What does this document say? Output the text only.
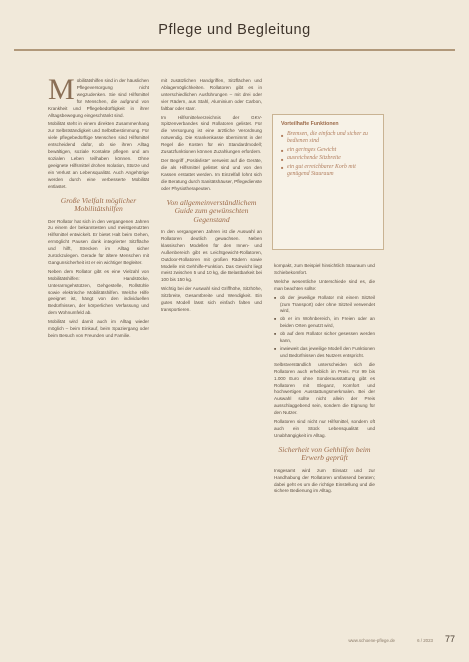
Pflege und Begleitung

Mobilitätshilfen sind in der häuslichen Pflegeversorgung nicht wegzudenken. Sie sind Hilfsmittel für Menschen, die aufgrund von Krankheit und Pflegebedürftigkeit in ihrer Alltagsbewegung eingeschränkt sind.

Mobilität steht in einem direkten Zusammenhang zur Selbstständigkeit und Selbstbestimmung. Für viele pflegebedürftige Menschen sind Hilfsmittel entscheidend dafür, ob sie ihren Alltag bewältigen, soziale Kontakte pflegen und am sozialen Leben teilhaben können. Ohne geeignete Hilfsmittel drohen Isolation, Stürze und ein Verlust an Lebensqualität. Auch Angehörige werden durch eine verbesserte Mobilität entlastet.

Große Vielfalt möglicher Mobilitätshilfen

Der Rollator hat sich in den vergangenen Jahren zu einem der bekanntesten und meistgenutzten Hilfsmittel entwickelt. Er bietet Halt beim Gehen, ermöglicht Pausen dank integrierter Sitzfläche und hilft, Strecken im Alltag sicher zurückzulegen. Gerade für ältere Menschen mit Gangunsicherheit ist er ein wichtiger Begleiter.

Neben dem Rollator gibt es eine Vielzahl von Mobilitätshilfen: Handstöcke, Unterarmgehstützen, Gehgestelle, Rollstühle sowie elektrische Mobilitätshilfen. Welche Hilfe geeignet ist, hängt von den individuellen Bedürfnissen, der körperlichen Verfassung und dem Wohnumfeld ab.

Mobilität wird damit auch im Alltag wieder möglich – beim Einkauf, beim Spaziergang oder beim Besuch von Freunden und Familie.

mit zusätzlichen Handgriffen, Sitzflächen und Ablagemöglichkeiten. Rollatoren gibt es in unterschiedlichen Ausführungen – mit drei oder vier Rädern, aus Stahl, Aluminium oder Carbon, faltbar oder starr.

Im Hilfsmittelverzeichnis der GKV-Spitzenverbandes sind Rollatoren gelistet. Für die Versorgung ist eine ärztliche Verordnung notwendig. Die Krankenkasse übernimmt in der Regel die Kosten für ein Standardmodell; Zusatzfunktionen können Zuzahlungen erfordern.

Der Begriff „Positivliste“ verweist auf die Geräte, die als Hilfsmittel gelistet sind und von den Kassen erstattet werden. Im Einzelfall lohnt sich die Beratung durch Sanitätshäuser, Pflegedienste oder Physiotherapeuten.

Von allgemeinverständlichem Guide zum gewünschten Gegenstand

In den vergangenen Jahren ist die Auswahl an Rollatoren deutlich gewachsen. Neben klassischen Modellen für den Innen- und Außenbereich gibt es Leichtgewicht-Rollatoren, Outdoor-Rollatoren mit großen Rädern sowie Modelle mit Gehhilfe-Funktion. Das Gewicht liegt meist zwischen 5 und 10 kg, die Belastbarkeit bei 100 bis 150 kg.

Wichtig bei der Auswahl sind Griffhöhe, Sitzhöhe, Sitzbreite, Gesamtbreite und Wendigkeit. Ein gutes Modell lässt sich einfach falten und transportieren.

Vorteilhafte Funktionen
■ Bremsen, die einfach und sicher zu bedienen sind
■ ein geringes Gewicht
■ ausreichende Sitzbreite
■ ein gut erreichbarer Korb mit genügend Stauraum

kompakt, zum Beispiel hinsichtlich Stauraum und Schiebekomfort.

Welche wesentliche Unterschiede sind es, die man beachten sollte:

■ ob der jeweilige Rollator mit einem Sitzteil (zum Transport) oder ohne Sitzteil verwendet wird,
■ ob er im Wohnbereich, im Freien oder an beiden Orten genutzt wird,
■ ob auf dem Rollator sicher gesessen werden kann,
■ inwieweit das jeweilige Modell den Funktionen und Bedürfnissen des Nutzers entspricht.

Selbstverständlich unterscheiden sich die Rollatoren auch erheblich im Preis. Für 99 bis 1.000 Euro ohne Sonderausstattung gibt es Rollatoren mit Eleganz, Komfort und hochwertigen Ausstattungsmerkmalen. Bei der Auswahl sollte nicht allein der Preis ausschlaggebend sein, sondern die Eignung für den Nutzer.

Rollatoren sind nicht nur Hilfsmittel, sondern oft auch ein Stück Lebensqualität und Unabhängigkeit im Alltag.

Sicherheit von Gehhilfen beim Erwerb geprüft

Insgesamt wird zum Einsatz und zur Handhabung der Rollatoren umfassend beraten; dabei geht es um die richtige Einstellung und die sichere Bedienung im Alltag.

www.schoene-pflege.de	6 / 2023 77
